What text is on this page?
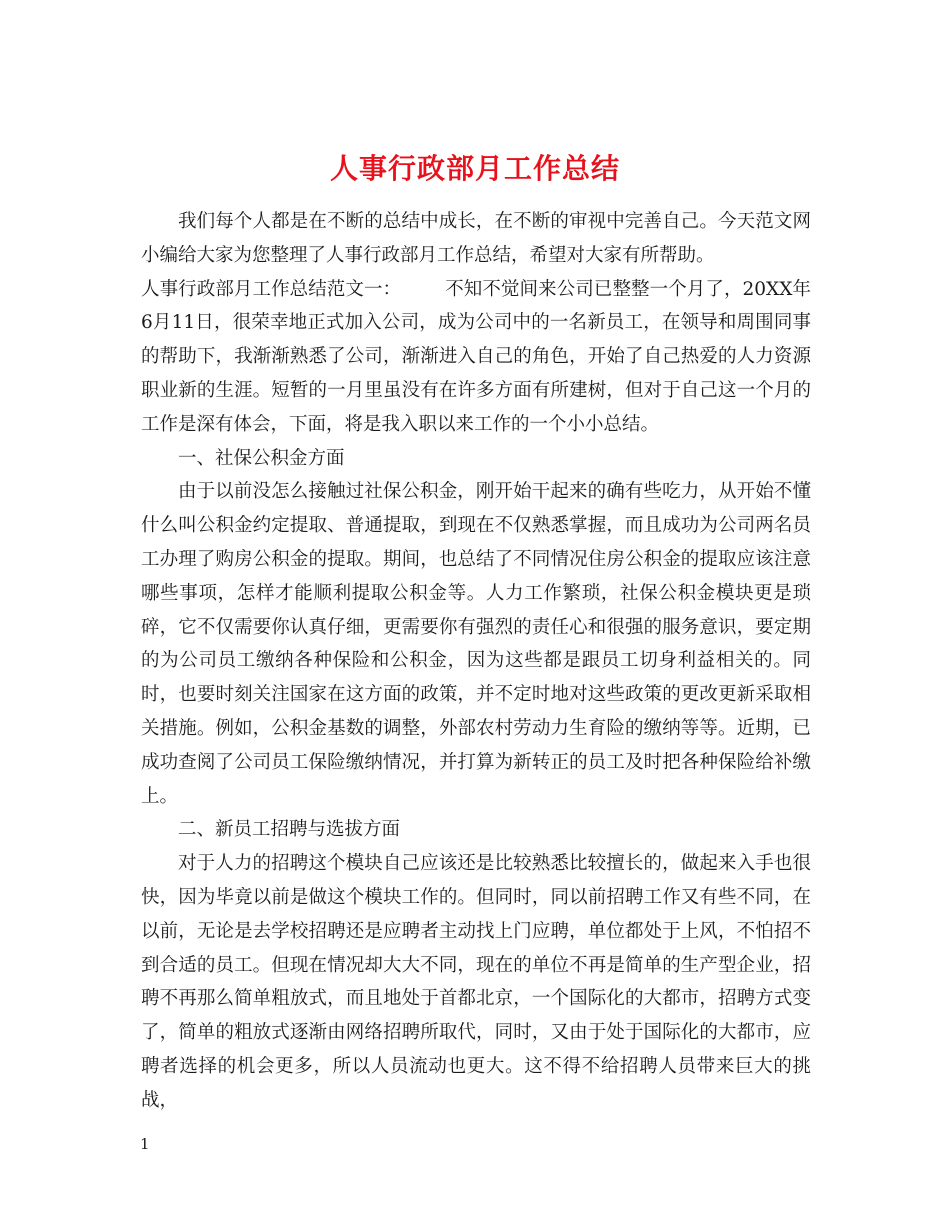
人事行政部月工作总结

我们每个人都是在不断的总结中成长，在不断的审视中完善自己。今天范文网小编给大家为您整理了人事行政部月工作总结，希望对大家有所帮助。

人事行政部月工作总结范文一： 不知不觉间来公司已整整一个月了，20XX年6月11日，很荣幸地正式加入公司，成为公司中的一名新员工，在领导和周围同事的帮助下，我渐渐熟悉了公司，渐渐进入自己的角色，开始了自己热爱的人力资源职业新的生涯。短暂的一月里虽没有在许多方面有所建树，但对于自己这一个月的工作是深有体会，下面，将是我入职以来工作的一个小小总结。

一、社保公积金方面

由于以前没怎么接触过社保公积金，刚开始干起来的确有些吃力，从开始不懂什么叫公积金约定提取、普通提取，到现在不仅熟悉掌握，而且成功为公司两名员工办理了购房公积金的提取。期间，也总结了不同情况住房公积金的提取应该注意哪些事项，怎样才能顺利提取公积金等。人力工作繁琐，社保公积金模块更是琐碎，它不仅需要你认真仔细，更需要你有强烈的责任心和很强的服务意识，要定期的为公司员工缴纳各种保险和公积金，因为这些都是跟员工切身利益相关的。同时，也要时刻关注国家在这方面的政策，并不定时地对这些政策的更改更新采取相关措施。例如，公积金基数的调整，外部农村劳动力生育险的缴纳等等。近期，已成功查阅了公司员工保险缴纳情况，并打算为新转正的员工及时把各种保险给补缴上。

二、新员工招聘与选拔方面

对于人力的招聘这个模块自己应该还是比较熟悉比较擅长的，做起来入手也很快，因为毕竟以前是做这个模块工作的。但同时，同以前招聘工作又有些不同，在以前，无论是去学校招聘还是应聘者主动找上门应聘，单位都处于上风，不怕招不到合适的员工。但现在情况却大大不同，现在的单位不再是简单的生产型企业，招聘不再那么简单粗放式，而且地处于首都北京，一个国际化的大都市，招聘方式变了，简单的粗放式逐渐由网络招聘所取代，同时，又由于处于国际化的大都市，应聘者选择的机会更多，所以人员流动也更大。这不得不给招聘人员带来巨大的挑战，

1
